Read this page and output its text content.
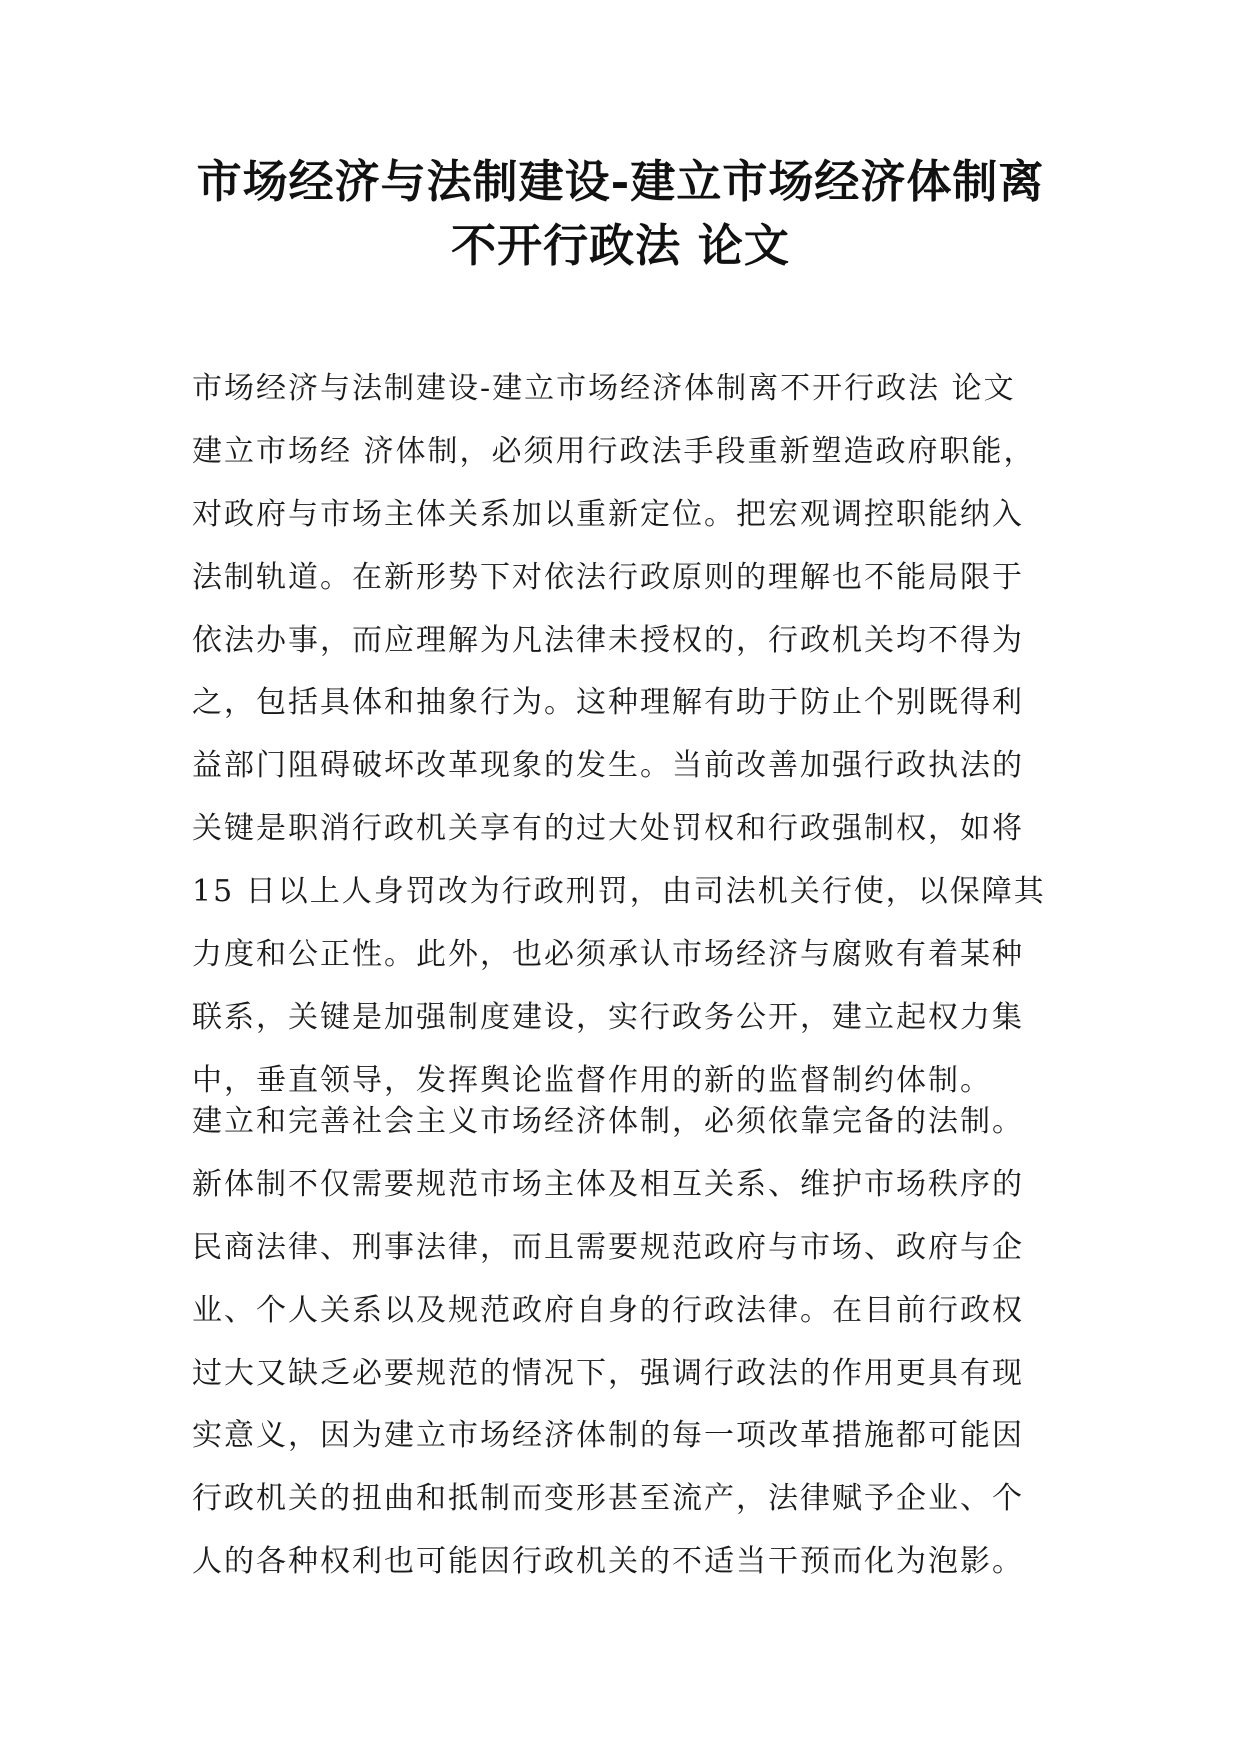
市场经济与法制建设-建立市场经济体制离
不开行政法 论文
市场经济与法制建设-建立市场经济体制离不开行政法 论文
建立市场经 济体制，必须用行政法手段重新塑造政府职能，
对政府与市场主体关系加以重新定位。把宏观调控职能纳入
法制轨道。在新形势下对依法行政原则的理解也不能局限于
依法办事，而应理解为凡法律未授权的，行政机关均不得为
之，包括具体和抽象行为。这种理解有助于防止个别既得利
益部门阻碍破坏改革现象的发生。当前改善加强行政执法的
关键是职消行政机关享有的过大处罚权和行政强制权，如将
15 日以上人身罚改为行政刑罚，由司法机关行使，以保障其
力度和公正性。此外，也必须承认市场经济与腐败有着某种
联系，关键是加强制度建设，实行政务公开，建立起权力集
中，垂直领导，发挥舆论监督作用的新的监督制约体制。
建立和完善社会主义市场经济体制，必须依靠完备的法制。
新体制不仅需要规范市场主体及相互关系、维护市场秩序的
民商法律、刑事法律，而且需要规范政府与市场、政府与企
业、个人关系以及规范政府自身的行政法律。在目前行政权
过大又缺乏必要规范的情况下，强调行政法的作用更具有现
实意义，因为建立市场经济体制的每一项改革措施都可能因
行政机关的扭曲和抵制而变形甚至流产，法律赋予企业、个
人的各种权利也可能因行政机关的不适当干预而化为泡影。
